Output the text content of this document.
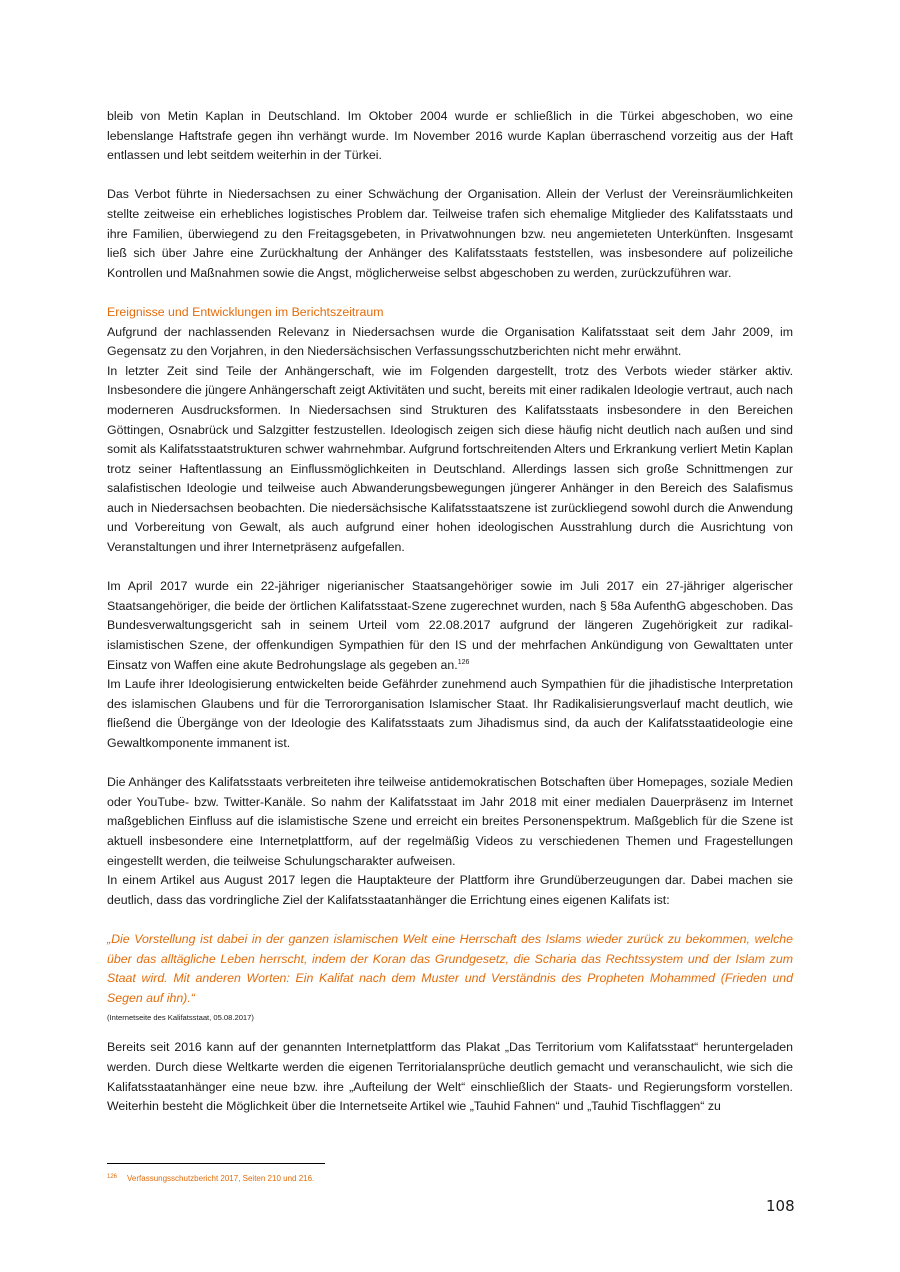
bleib von Metin Kaplan in Deutschland. Im Oktober 2004 wurde er schließlich in die Türkei abgeschoben, wo eine lebenslange Haftstrafe gegen ihn verhängt wurde. Im November 2016 wurde Kaplan überraschend vorzeitig aus der Haft entlassen und lebt seitdem weiterhin in der Türkei.

Das Verbot führte in Niedersachsen zu einer Schwächung der Organisation. Allein der Verlust der Vereinsräumlichkeiten stellte zeitweise ein erhebliches logistisches Problem dar. Teilweise trafen sich ehemalige Mitglieder des Kalifatsstaats und ihre Familien, überwiegend zu den Freitagsgebeten, in Privatwohnungen bzw. neu angemieteten Unterkünften. Insgesamt ließ sich über Jahre eine Zurückhaltung der Anhänger des Kalifatsstaats feststellen, was insbesondere auf polizeiliche Kontrollen und Maßnahmen sowie die Angst, möglicherweise selbst abgeschoben zu werden, zurückzuführen war.

Ereignisse und Entwicklungen im Berichtszeitraum

Aufgrund der nachlassenden Relevanz in Niedersachsen wurde die Organisation Kalifatsstaat seit dem Jahr 2009, im Gegensatz zu den Vorjahren, in den Niedersächsischen Verfassungsschutzberichten nicht mehr erwähnt.

In letzter Zeit sind Teile der Anhängerschaft, wie im Folgenden dargestellt, trotz des Verbots wieder stärker aktiv. Insbesondere die jüngere Anhängerschaft zeigt Aktivitäten und sucht, bereits mit einer radikalen Ideologie vertraut, auch nach moderneren Ausdrucksformen. In Niedersachsen sind Strukturen des Kalifatsstaats insbesondere in den Bereichen Göttingen, Osnabrück und Salzgitter festzustellen. Ideologisch zeigen sich diese häufig nicht deutlich nach außen und sind somit als Kalifatsstaatstrukturen schwer wahrnehmbar. Aufgrund fortschreitenden Alters und Erkrankung verliert Metin Kaplan trotz seiner Haftentlassung an Einflussmöglichkeiten in Deutschland. Allerdings lassen sich große Schnittmengen zur salafistischen Ideologie und teilweise auch Abwanderungsbewegungen jüngerer Anhänger in den Bereich des Salafismus auch in Niedersachsen beobachten. Die niedersächsische Kalifatsstaatszene ist zurückliegend sowohl durch die Anwendung und Vorbereitung von Gewalt, als auch aufgrund einer hohen ideologischen Ausstrahlung durch die Ausrichtung von Veranstaltungen und ihrer Internetpräsenz aufgefallen.

Im April 2017 wurde ein 22-jähriger nigerianischer Staatsangehöriger sowie im Juli 2017 ein 27-jähriger algerischer Staatsangehöriger, die beide der örtlichen Kalifatsstaat-Szene zugerechnet wurden, nach § 58a AufenthG abgeschoben. Das Bundesverwaltungsgericht sah in seinem Urteil vom 22.08.2017 aufgrund der längeren Zugehörigkeit zur radikal-islamistischen Szene, der offenkundigen Sympathien für den IS und der mehrfachen Ankündigung von Gewalttaten unter Einsatz von Waffen eine akute Bedrohungslage als gegeben an.$^{126}$

Im Laufe ihrer Ideologisierung entwickelten beide Gefährder zunehmend auch Sympathien für die jihadistische Interpretation des islamischen Glaubens und für die Terrororganisation Islamischer Staat. Ihr Radikalisierungsverlauf macht deutlich, wie fließend die Übergänge von der Ideologie des Kalifatsstaats zum Jihadismus sind, da auch der Kalifatsstaatideologie eine Gewaltkomponente immanent ist.

Die Anhänger des Kalifatsstaats verbreiteten ihre teilweise antidemokratischen Botschaften über Homepages, soziale Medien oder YouTube- bzw. Twitter-Kanäle. So nahm der Kalifatsstaat im Jahr 2018 mit einer medialen Dauerpräsenz im Internet maßgeblichen Einfluss auf die islamistische Szene und erreicht ein breites Personenspektrum. Maßgeblich für die Szene ist aktuell insbesondere eine Internetplattform, auf der regelmäßig Videos zu verschiedenen Themen und Fragestellungen eingestellt werden, die teilweise Schulungscharakter aufweisen.

In einem Artikel aus August 2017 legen die Hauptakteure der Plattform ihre Grundüberzeugungen dar. Dabei machen sie deutlich, dass das vordringliche Ziel der Kalifatsstaatanhänger die Errichtung eines eigenen Kalifats ist:

„Die Vorstellung ist dabei in der ganzen islamischen Welt eine Herrschaft des Islams wieder zurück zu bekommen, welche über das alltägliche Leben herrscht, indem der Koran das Grundgesetz, die Scharia das Rechtssystem und der Islam zum Staat wird. Mit anderen Worten: Ein Kalifat nach dem Muster und Verständnis des Propheten Mohammed (Frieden und Segen auf ihn).“

(Internetseite des Kalifatsstaat, 05.08.2017)

Bereits seit 2016 kann auf der genannten Internetplattform das Plakat „Das Territorium vom Kalifatsstaat“ heruntergeladen werden. Durch diese Weltkarte werden die eigenen Territorialansprüche deutlich gemacht und veranschaulicht, wie sich die Kalifatsstaatanhänger eine neue bzw. ihre „Aufteilung der Welt“ einschließlich der Staats- und Regierungsform vorstellen. Weiterhin besteht die Möglichkeit über die Internetseite Artikel wie „Tauhid Fahnen“ und „Tauhid Tischflaggen“ zu

$^{126}$ Verfassungsschutzbericht 2017, Seiten 210 und 216.
108
